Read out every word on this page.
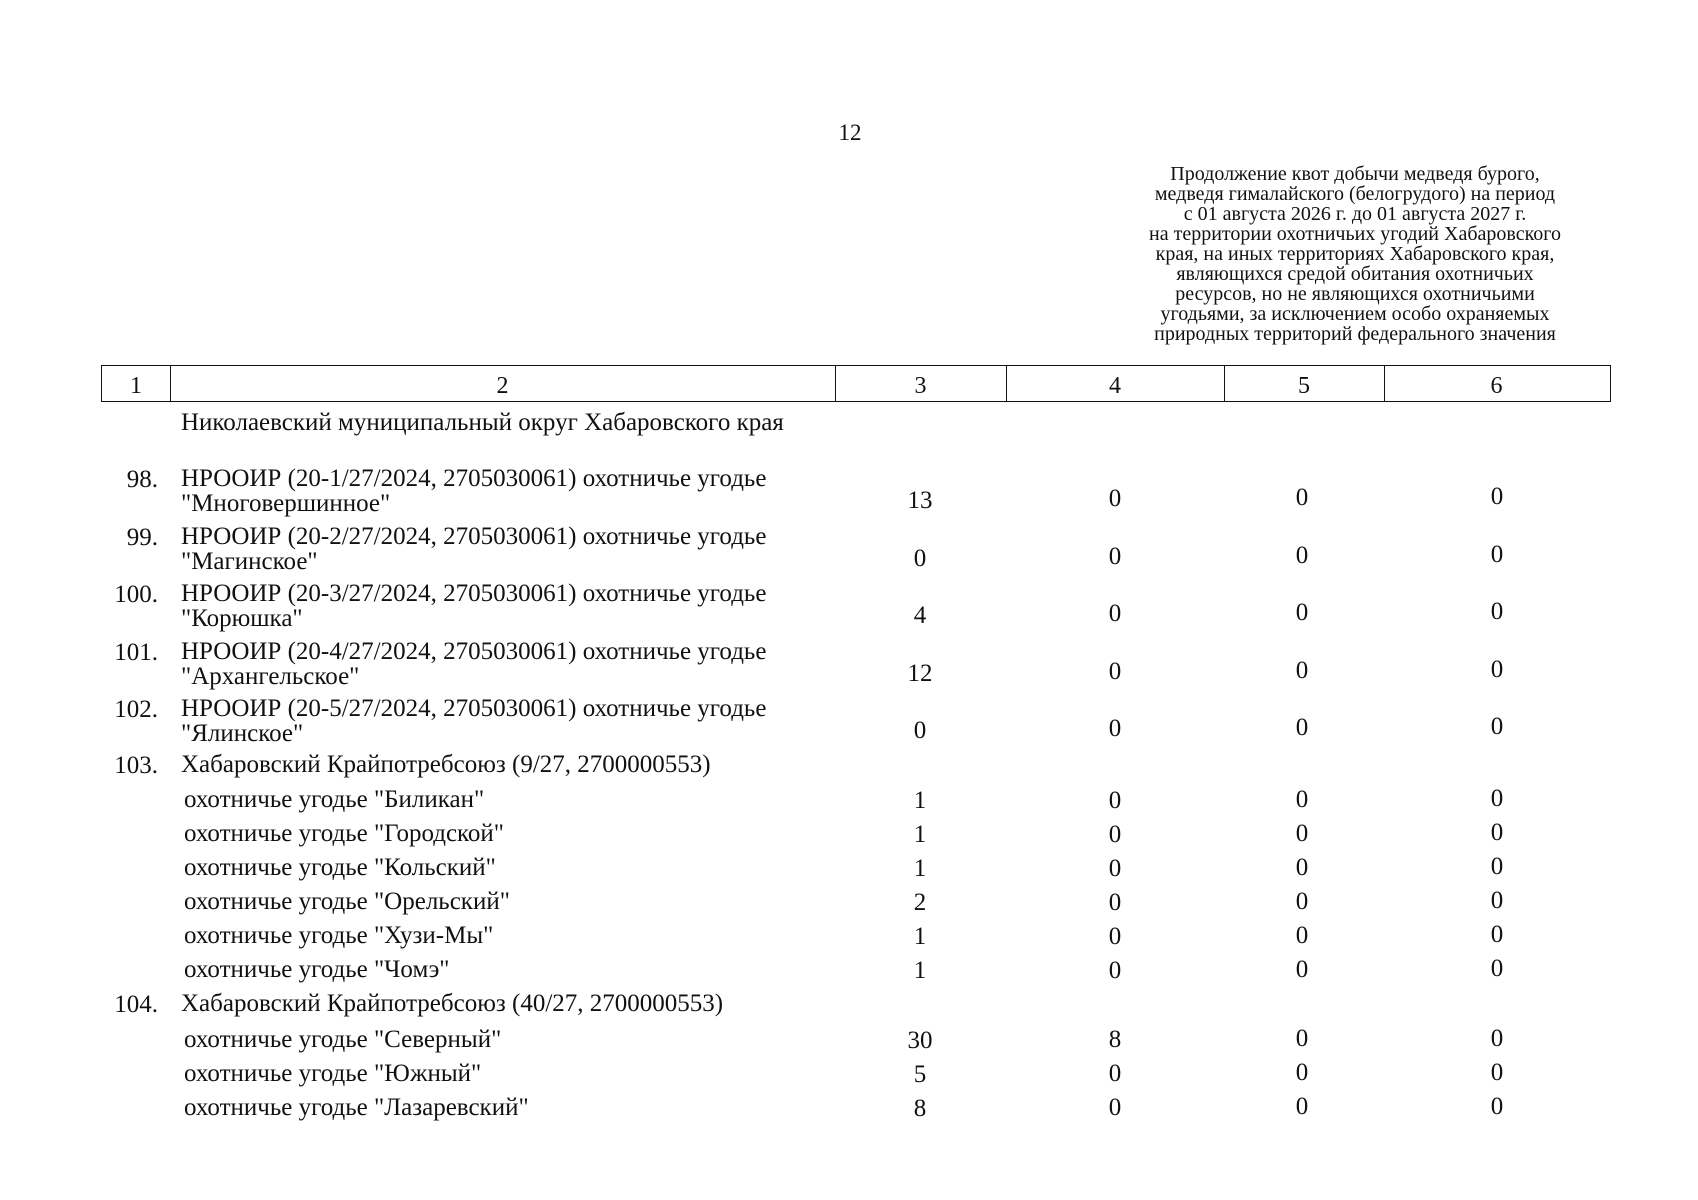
12
Продолжение квот добычи медведя бурого,
медведя гималайского (белогрудого) на период
с 01 августа 2026 г. до 01 августа 2027 г.
на территории охотничьих угодий Хабаровского
края, на иных территориях Хабаровского края,
являющихся средой обитания охотничьих
ресурсов, но не являющихся охотничьими
угодьями, за исключением особо охраняемых
природных территорий федерального значения
1	2	3	4	5	6
Николаевский муниципальный округ Хабаровского края
98. НРООИР (20-1/27/2024, 2705030061) охотничье угодье "Многовершинное"	13	0	0	0
99. НРООИР (20-2/27/2024, 2705030061) охотничье угодье "Магинское"	0	0	0	0
100. НРООИР (20-3/27/2024, 2705030061) охотничье угодье "Корюшка"	4	0	0	0
101. НРООИР (20-4/27/2024, 2705030061) охотничье угодье "Архангельское"	12	0	0	0
102. НРООИР (20-5/27/2024, 2705030061) охотничье угодье "Ялинское"	0	0	0	0
103. Хабаровский Крайпотребсоюз (9/27, 2700000553)
охотничье угодье "Биликан"	1	0	0	0
охотничье угодье "Городской"	1	0	0	0
охотничье угодье "Кольский"	1	0	0	0
охотничье угодье "Орельский"	2	0	0	0
охотничье угодье "Хузи-Мы"	1	0	0	0
охотничье угодье "Чомэ"	1	0	0	0
104. Хабаровский Крайпотребсоюз (40/27, 2700000553)
охотничье угодье "Северный"	30	8	0	0
охотничье угодье "Южный"	5	0	0	0
охотничье угодье "Лазаревский"	8	0	0	0
